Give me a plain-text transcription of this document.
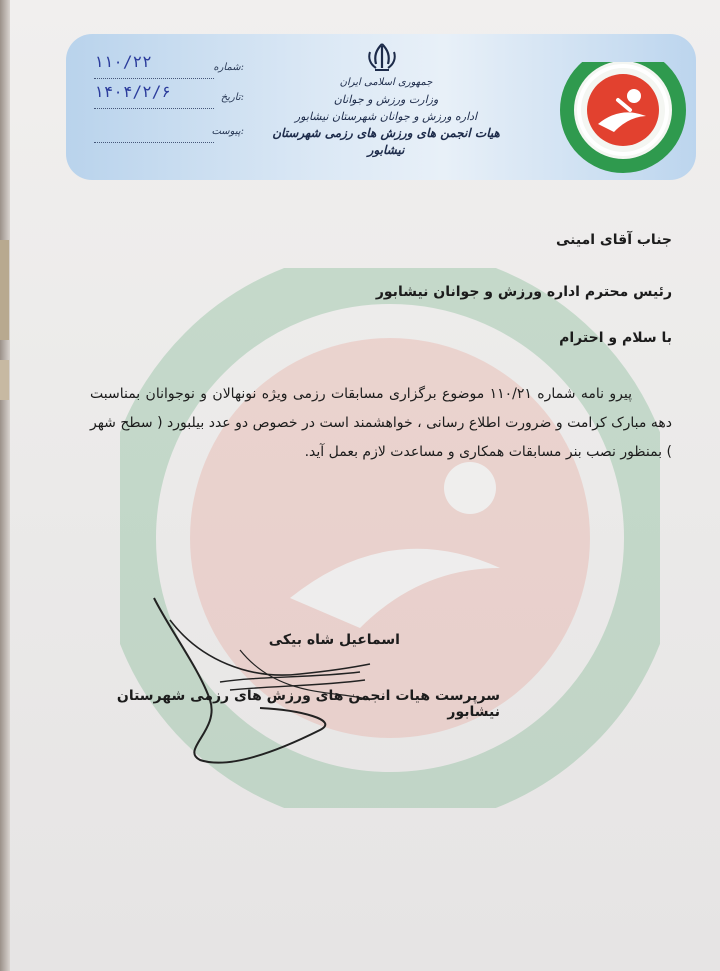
۱۱۰/۲۲	شماره:
۱۴۰۴/۲/۶	تاریخ:
پیوست:
جمهوری اسلامی ایران
وزارت ورزش و جوانان
اداره ورزش و جوانان شهرستان نیشابور
هیات انجمن های ورزش های رزمی شهرستان نیشابور
جناب آقای امینی
رئیس محترم اداره ورزش و جوانان نیشابور
با سلام و احترام
پیرو نامه شماره ۱۱۰/۲۱ موضوع برگزاری مسابقات رزمی ویژه نونهالان و نوجوانان بمناسبت دهه مبارک کرامت و ضرورت اطلاع رسانی ، خواهشمند است در خصوص دو عدد بیلبورد ( سطح شهر ) بمنظور نصب بنر مسابقات همکاری و مساعدت لازم بعمل آید.
اسماعیل شاه بیکی
سرپرست هیات انجمن های ورزش های رزمی شهرستان نیشابور
